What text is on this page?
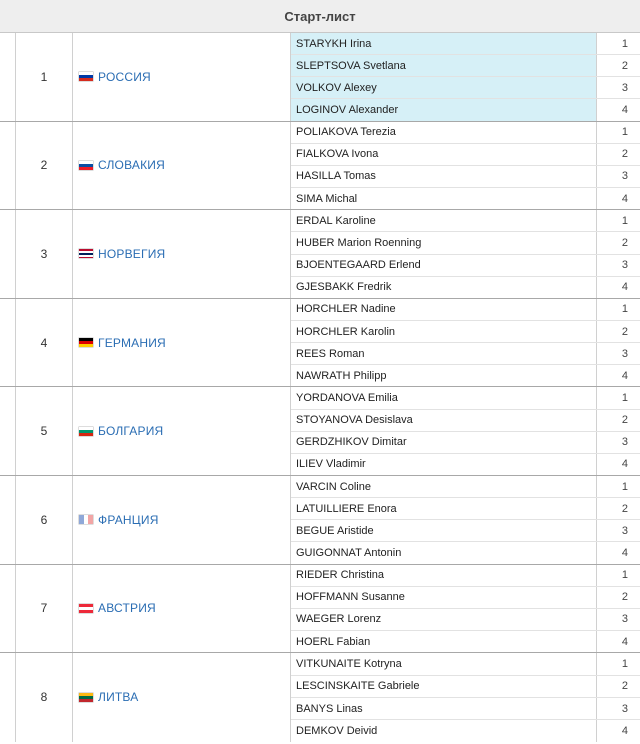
Старт-лист
1	РОССИЯ
STARYKH Irina	1
SLEPTSOVA Svetlana	2
VOLKOV Alexey	3
LOGINOV Alexander	4
2	СЛОВАКИЯ
POLIAKOVA Terezia	1
FIALKOVA Ivona	2
HASILLA Tomas	3
SIMA Michal	4
3	НОРВЕГИЯ
ERDAL Karoline	1
HUBER Marion Roenning	2
BJOENTEGAARD Erlend	3
GJESBAKK Fredrik	4
4	ГЕРМАНИЯ
HORCHLER Nadine	1
HORCHLER Karolin	2
REES Roman	3
NAWRATH Philipp	4
5	БОЛГАРИЯ
YORDANOVA Emilia	1
STOYANOVA Desislava	2
GERDZHIKOV Dimitar	3
ILIEV Vladimir	4
6	ФРАНЦИЯ
VARCIN Coline	1
LATUILLIERE Enora	2
BEGUE Aristide	3
GUIGONNAT Antonin	4
7	АВСТРИЯ
RIEDER Christina	1
HOFFMANN Susanne	2
WAEGER Lorenz	3
HOERL Fabian	4
8	ЛИТВА
VITKUNAITE Kotryna	1
LESCINSKAITE Gabriele	2
BANYS Linas	3
DEMKOV Deivid	4
